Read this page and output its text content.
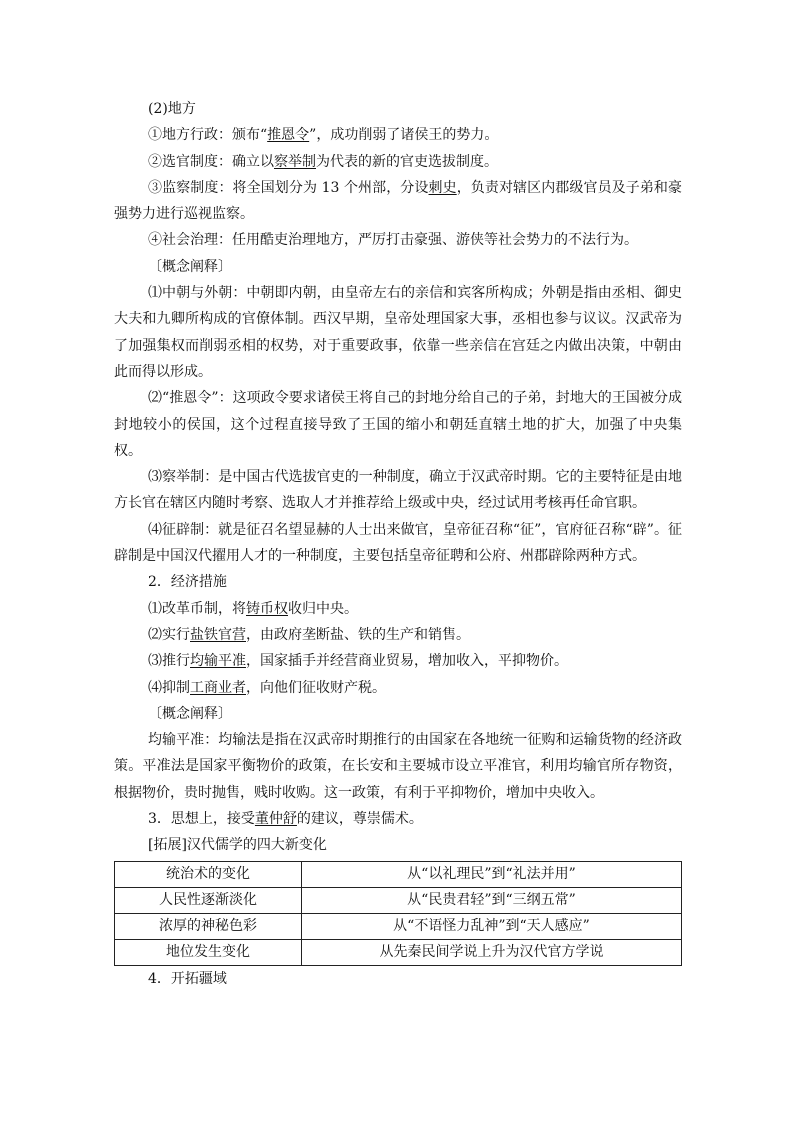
(2)地方

①地方行政：颁布“推恩令”，成功削弱了诸侯王的势力。

②选官制度：确立以察举制为代表的新的官吏选拔制度。

③监察制度：将全国划分为 13 个州部，分设刺史，负责对辖区内郡级官员及子弟和豪强势力进行巡视监察。

④社会治理：任用酷吏治理地方，严厉打击豪强、游侠等社会势力的不法行为。

〔概念阐释〕

⑴中朝与外朝：中朝即内朝，由皇帝左右的亲信和宾客所构成；外朝是指由丞相、御史大夫和九卿所构成的官僚体制。西汉早期，皇帝处理国家大事，丞相也参与议议。汉武帝为了加强集权而削弱丞相的权势，对于重要政事，依靠一些亲信在宫廷之内做出决策，中朝由此而得以形成。

⑵“推恩令”：这项政令要求诸侯王将自己的封地分给自己的子弟，封地大的王国被分成封地较小的侯国，这个过程直接导致了王国的缩小和朝廷直辖土地的扩大，加强了中央集权。

⑶察举制：是中国古代选拔官吏的一种制度，确立于汉武帝时期。它的主要特征是由地方长官在辖区内随时考察、选取人才并推荐给上级或中央，经过试用考核再任命官职。

⑷征辟制：就是征召名望显赫的人士出来做官，皇帝征召称“征”，官府征召称“辟”。征辟制是中国汉代擢用人才的一种制度，主要包括皇帝征聘和公府、州郡辟除两种方式。

2．经济措施

⑴改革币制，将铸币权收归中央。

⑵实行盐铁官营，由政府垄断盐、铁的生产和销售。

⑶推行均输平准，国家插手并经营商业贸易，增加收入，平抑物价。

⑷抑制工商业者，向他们征收财产税。

〔概念阐释〕

均输平准：均输法是指在汉武帝时期推行的由国家在各地统一征购和运输货物的经济政策。平准法是国家平衡物价的政策，在长安和主要城市设立平准官，利用均输官所存物资，根据物价，贵时抛售，贱时收购。这一政策，有利于平抑物价，增加中央收入。

3．思想上，接受董仲舒的建议，尊崇儒术。

[拓展]汉代儒学的四大新变化

统治术的变化	从“以礼理民”到“礼法并用”
人民性逐渐淡化	从“民贵君轻”到“三纲五常”
浓厚的神秘色彩	从“不语怪力乱神”到“天人感应”
地位发生变化	从先秦民间学说上升为汉代官方学说

4．开拓疆域
